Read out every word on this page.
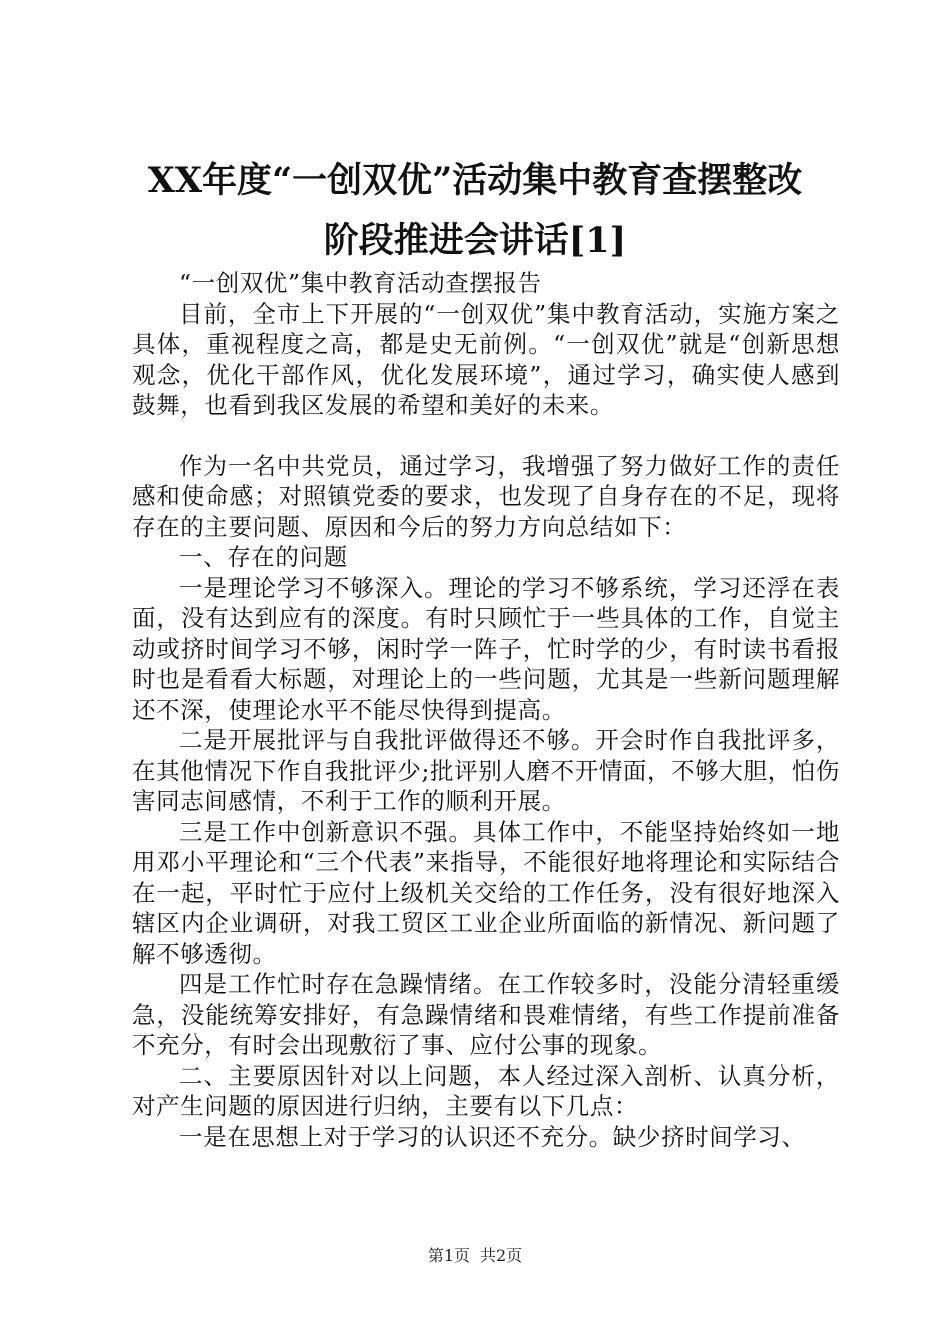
XX年度“一创双优”活动集中教育查摆整改
阶段推进会讲话[1]

“一创双优”集中教育活动查摆报告

目前，全市上下开展的“一创双优”集中教育活动，实施方案之具体，重视程度之高，都是史无前例。“一创双优”就是“创新思想观念，优化干部作风，优化发展环境”，通过学习，确实使人感到鼓舞，也看到我区发展的希望和美好的未来。

作为一名中共党员，通过学习，我增强了努力做好工作的责任感和使命感；对照镇党委的要求，也发现了自身存在的不足，现将存在的主要问题、原因和今后的努力方向总结如下：

一、存在的问题

一是理论学习不够深入。理论的学习不够系统，学习还浮在表面，没有达到应有的深度。有时只顾忙于一些具体的工作，自觉主动或挤时间学习不够，闲时学一阵子，忙时学的少，有时读书看报时也是看看大标题，对理论上的一些问题，尤其是一些新问题理解还不深，使理论水平不能尽快得到提高。

二是开展批评与自我批评做得还不够。开会时作自我批评多，在其他情况下作自我批评少;批评别人磨不开情面，不够大胆，怕伤害同志间感情，不利于工作的顺利开展。

三是工作中创新意识不强。具体工作中，不能坚持始终如一地用邓小平理论和“三个代表”来指导，不能很好地将理论和实际结合在一起，平时忙于应付上级机关交给的工作任务，没有很好地深入辖区内企业调研，对我工贸区工业企业所面临的新情况、新问题了解不够透彻。

四是工作忙时存在急躁情绪。在工作较多时，没能分清轻重缓急，没能统筹安排好，有急躁情绪和畏难情绪，有些工作提前准备不充分，有时会出现敷衍了事、应付公事的现象。

二、主要原因针对以上问题，本人经过深入剖析、认真分析，对产生问题的原因进行归纳，主要有以下几点：

一是在思想上对于学习的认识还不充分。缺少挤时间学习、

第1页 共2页
